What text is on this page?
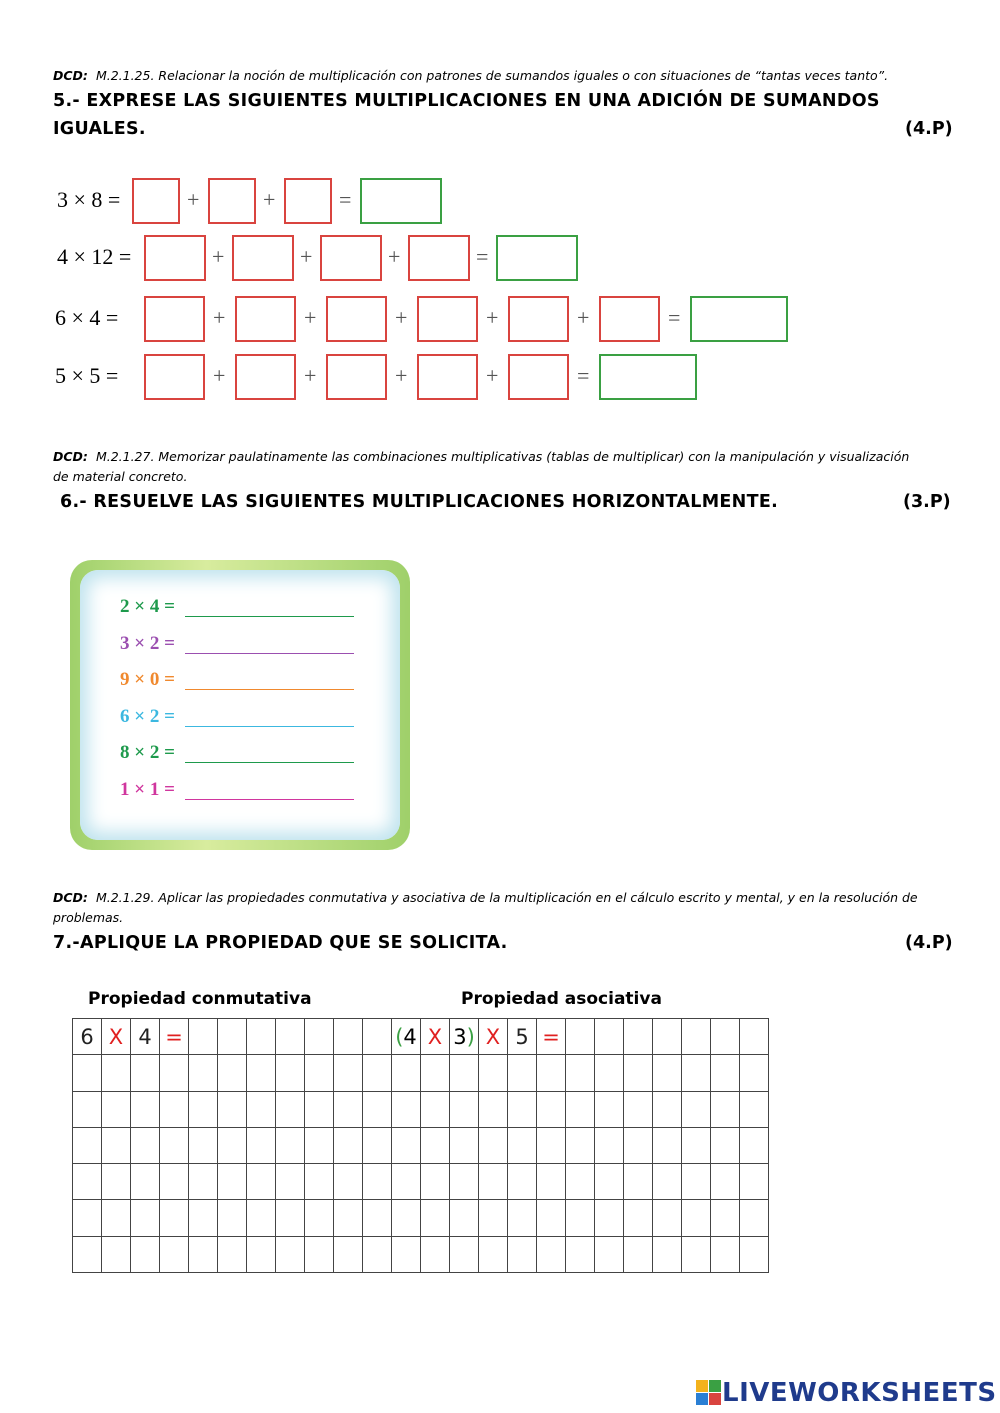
DCD: M.2.1.25. Relacionar la noción de multiplicación con patrones de sumandos iguales o con situaciones de “tantas veces tanto”.
5.- EXPRESE LAS SIGUIENTES MULTIPLICACIONES EN UNA ADICIÓN DE SUMANDOS
IGUALES.	(4.P)
3 × 8 =	+	+	=
4 × 12 =	+	+	+	=
6 × 4 =	+	+	+	+	+	=
5 × 5 =	+	+	+	+	=
DCD: M.2.1.27. Memorizar paulatinamente las combinaciones multiplicativas (tablas de multiplicar) con la manipulación y visualización
de material concreto.
6.- RESUELVE LAS SIGUIENTES MULTIPLICACIONES HORIZONTALMENTE.	(3.P)
2 × 4 =
3 × 2 =
9 × 0 =
6 × 2 =
8 × 2 =
1 × 1 =
DCD: M.2.1.29. Aplicar las propiedades conmutativa y asociativa de la multiplicación en el cálculo escrito y mental, y en la resolución de
problemas.
7.-APLIQUE LA PROPIEDAD QUE SE SOLICITA.	(4.P)
Propiedad conmutativa	Propiedad asociativa
6	X	4	=								(4	X	3)	X	5	=							

LIVEWORKSHEETS
